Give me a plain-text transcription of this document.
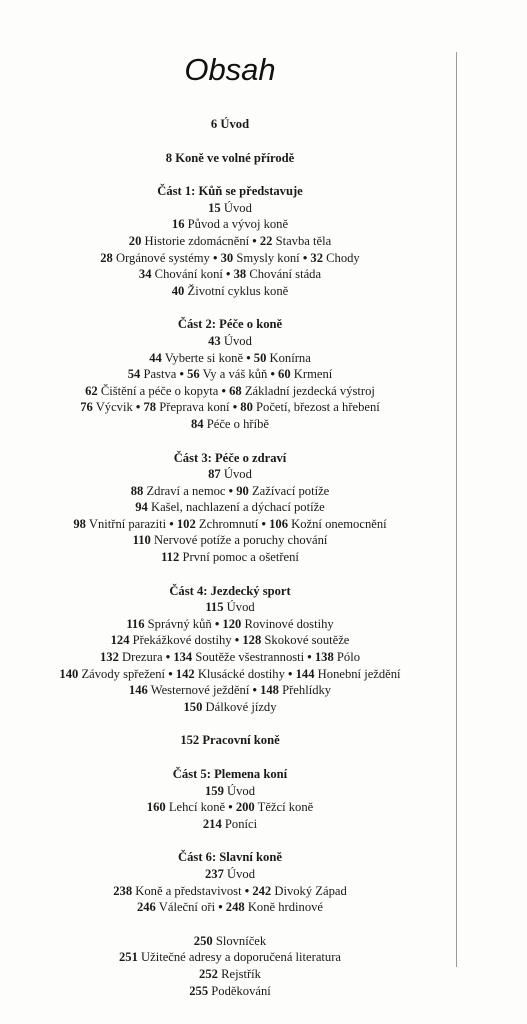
Obsah
6 Úvod
8 Koně ve volné přírodě
Část 1: Kůň se představuje
15 Úvod
16 Původ a vývoj koně
20 Historie zdomácnění • 22 Stavba těla
28 Orgánové systémy • 30 Smysly koní • 32 Chody
34 Chování koní • 38 Chování stáda
40 Životní cyklus koně
Část 2: Péče o koně
43 Úvod
44 Vyberte si koně • 50 Konírna
54 Pastva • 56 Vy a váš kůň • 60 Krmení
62 Čištění a péče o kopyta • 68 Základní jezdecká výstroj
76 Výcvik • 78 Přeprava koní • 80 Početí, březost a hřebení
84 Péče o hříbě
Část 3: Péče o zdraví
87 Úvod
88 Zdraví a nemoc • 90 Zažívací potíže
94 Kašel, nachlazení a dýchací potíže
98 Vnitřní paraziti • 102 Zchromnutí • 106 Kožní onemocnění
110 Nervové potíže a poruchy chování
112 První pomoc a ošetření
Část 4: Jezdecký sport
115 Úvod
116 Správný kůň • 120 Rovinové dostihy
124 Překážkové dostihy • 128 Skokové soutěže
132 Drezura • 134 Soutěže všestrannosti • 138 Pólo
140 Závody spřežení • 142 Klusácké dostihy • 144 Honební ježdění
146 Westernové ježdění • 148 Přehlídky
150 Dálkové jízdy
152 Pracovní koně
Část 5: Plemena koní
159 Úvod
160 Lehcí koně • 200 Těžcí koně
214 Poníci
Část 6: Slavní koně
237 Úvod
238 Koně a představivost • 242 Divoký Západ
246 Váleční oři • 248 Koně hrdinové
250 Slovníček
251 Užitečné adresy a doporučená literatura
252 Rejstřík
255 Poděkování
